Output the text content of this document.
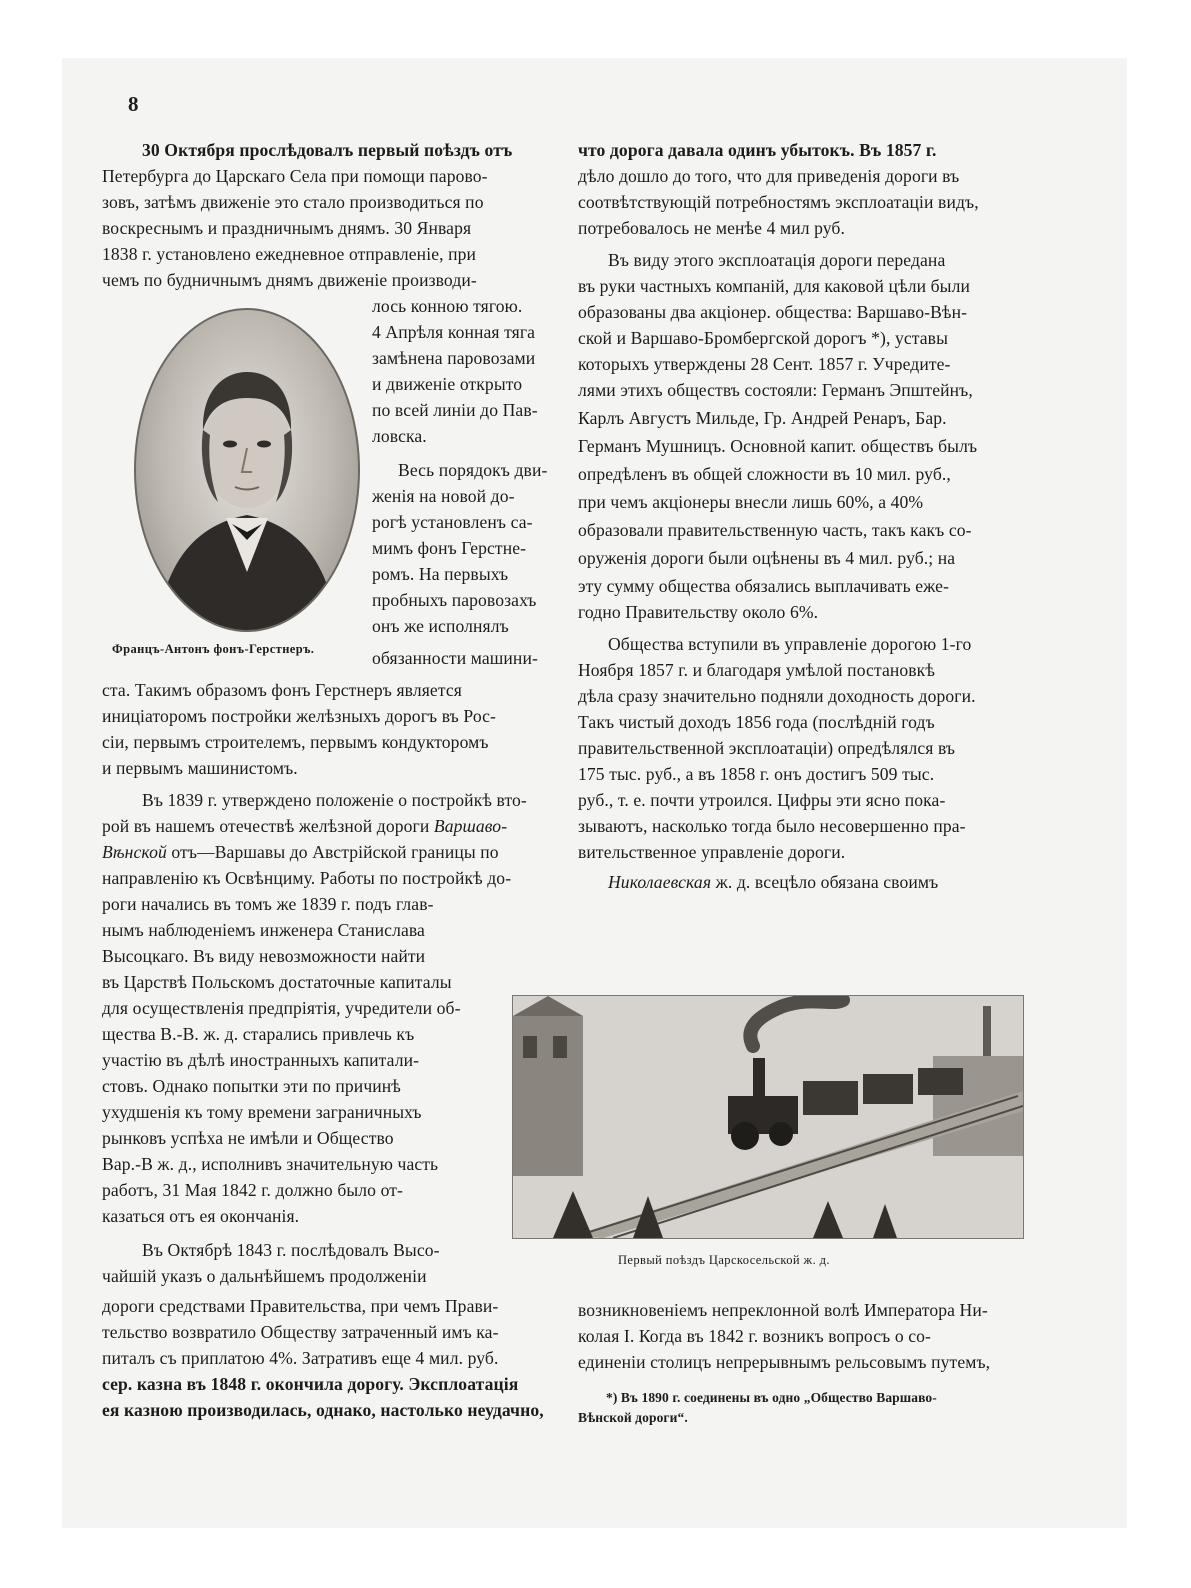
8
Францъ-Антонъ фонъ-Герстнеръ.
Первый поѣздъ Царскосельской ж. д.
30 Октября прослѣдовалъ первый поѣздъ отъ
Петербурга до Царскаго Села при помощи парово-
зовъ, затѣмъ движеніе это стало производиться по
воскреснымъ и праздничнымъ днямъ. 30 Января
1838 г. установлено ежедневное отправленіе, при
чемъ по будничнымъ днямъ движеніе производи-
лось конною тягою.
4 Апрѣля конная тяга
замѣнена паровозами
и движеніе открыто
по всей линіи до Пав-
ловска.
Весь порядокъ дви-
женія на новой до-
рогѣ установленъ са-
мимъ фонъ Герстне-
ромъ. На первыхъ
пробныхъ паровозахъ
онъ же исполнялъ
обязанности машини-
ста. Такимъ образомъ фонъ Герстнеръ является
иниціаторомъ постройки желѣзныхъ дорогъ въ Рос-
сіи, первымъ строителемъ, первымъ кондукторомъ
и первымъ машинистомъ.
Въ 1839 г. утверждено положеніе о постройкѣ вто-
рой въ нашемъ отечествѣ желѣзной дороги Варшаво-
Вѣнской отъ—Варшавы до Австрійской границы по
направленію къ Освѣнциму. Работы по постройкѣ до-
роги начались въ томъ же 1839 г. подъ глав-
нымъ наблюденіемъ инженера Станислава
Высоцкаго. Въ виду невозможности найти
въ Царствѣ Польскомъ достаточные капиталы
для осуществленія предпріятія, учредители об-
щества В.-В. ж. д. старались привлечь къ
участію въ дѣлѣ иностранныхъ капитали-
стовъ. Однако попытки эти по причинѣ
ухудшенія къ тому времени заграничныхъ
рынковъ успѣха не имѣли и Общество
Вар.-В ж. д., исполнивъ значительную часть
работъ, 31 Мая 1842 г. должно было от-
казаться отъ ея окончанія.
Въ Октябрѣ 1843 г. послѣдовалъ Высо-
чайшій указъ о дальнѣйшемъ продолженіи
дороги средствами Правительства, при чемъ Прави-
тельство возвратило Обществу затраченный имъ ка-
питалъ съ приплатою 4%. Затративъ еще 4 мил. руб.
сер. казна въ 1848 г. окончила дорогу. Эксплоатація
ея казною производилась, однако, настолько неудачно,
что дорога давала одинъ убытокъ. Въ 1857 г.
дѣло дошло до того, что для приведенія дороги въ
соотвѣтствующій потребностямъ эксплоатаціи видъ,
потребовалось не менѣе 4 мил руб.
Въ виду этого эксплоатація дороги передана
въ руки частныхъ компаній, для каковой цѣли были
образованы два акціонер. общества: Варшаво-Вѣн-
ской и Варшаво-Бромбергской дорогъ *), уставы
которыхъ утверждены 28 Сент. 1857 г. Учредите-
лями этихъ обществъ состояли: Германъ Эпштейнъ,
Карлъ Августъ Мильде, Гр. Андрей Ренаръ, Бар.
Германъ Мушницъ. Основной капит. обществъ былъ
опредѣленъ въ общей сложности въ 10 мил. руб.,
при чемъ акціонеры внесли лишь 60%, а 40%
образовали правительственную часть, такъ какъ со-
оруженія дороги были оцѣнены въ 4 мил. руб.; на
эту сумму общества обязались выплачивать еже-
годно Правительству около 6%.
Общества вступили въ управленіе дорогою 1-го
Ноября 1857 г. и благодаря умѣлой постановкѣ
дѣла сразу значительно подняли доходность дороги.
Такъ чистый доходъ 1856 года (послѣдній годъ
правительственной эксплоатаціи) опредѣлялся въ
175 тыс. руб., а въ 1858 г. онъ достигъ 509 тыс.
руб., т. е. почти утроился. Цифры эти ясно пока-
зываютъ, насколько тогда было несовершенно пра-
вительственное управленіе дороги.
Николаевская ж. д. всецѣло обязана своимъ
возникновеніемъ непреклонной волѣ Императора Ни-
колая I. Когда въ 1842 г. возникъ вопросъ о со-
единеніи столицъ непрерывнымъ рельсовымъ путемъ,
*) Въ 1890 г. соединены въ одно „Общество Варшаво-
Вѣнской дороги“.
